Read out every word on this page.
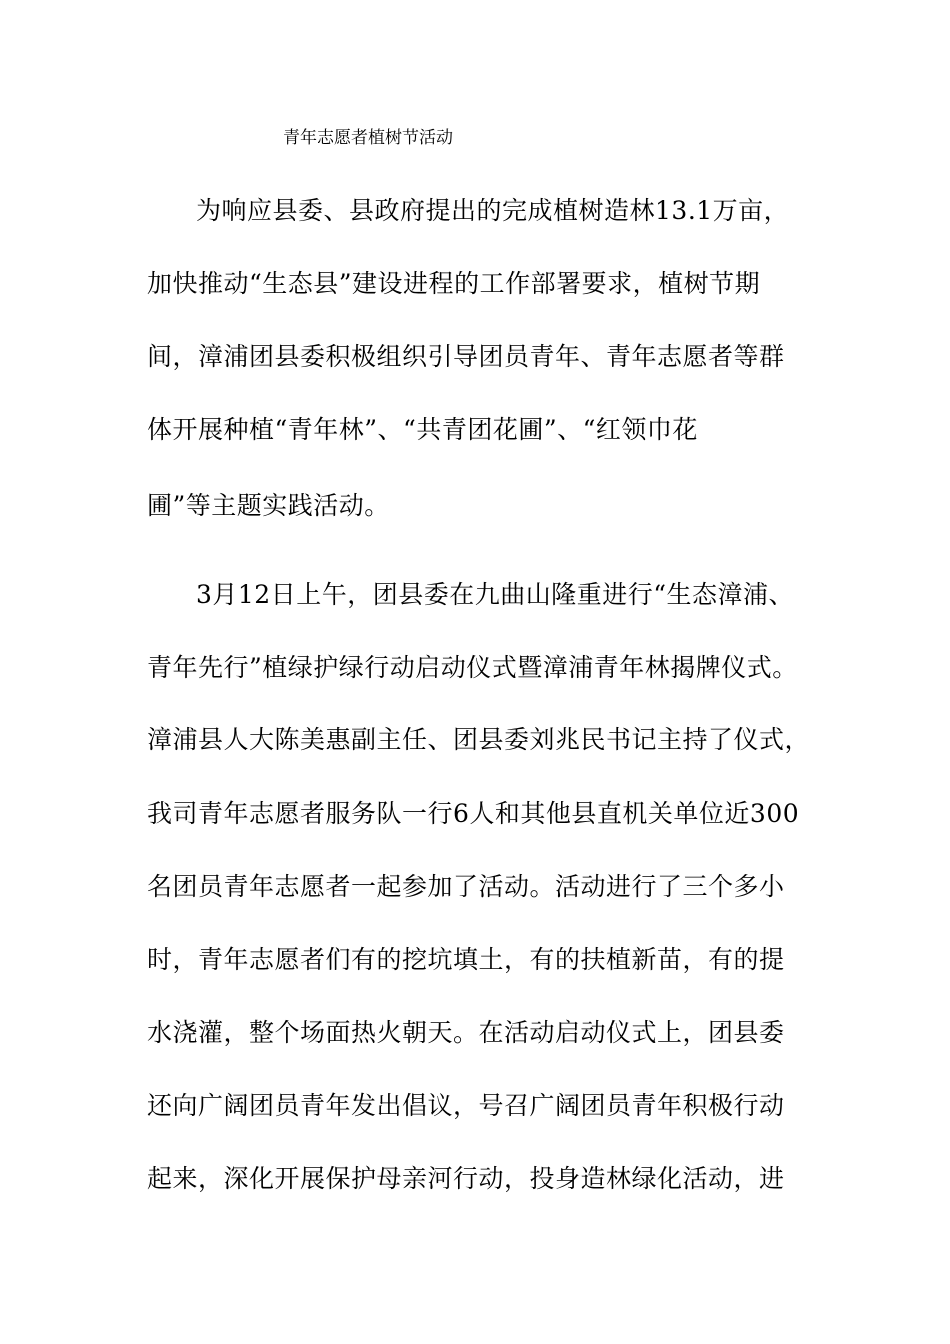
青年志愿者植树节活动
为响应县委、县政府提出的完成植树造林13.1万亩，
加快推动“生态县”建设进程的工作部署要求，植树节期
间，漳浦团县委积极组织引导团员青年、青年志愿者等群
体开展种植“青年林”、“共青团花圃”、“红领巾花
圃”等主题实践活动。
3月12日上午，团县委在九曲山隆重进行“生态漳浦、
青年先行”植绿护绿行动启动仪式暨漳浦青年林揭牌仪式。
漳浦县人大陈美惠副主任、团县委刘兆民书记主持了仪式，
我司青年志愿者服务队一行6人和其他县直机关单位近300
名团员青年志愿者一起参加了活动。活动进行了三个多小
时，青年志愿者们有的挖坑填土，有的扶植新苗，有的提
水浇灌，整个场面热火朝天。在活动启动仪式上，团县委
还向广阔团员青年发出倡议，号召广阔团员青年积极行动
起来，深化开展保护母亲河行动，投身造林绿化活动，进
